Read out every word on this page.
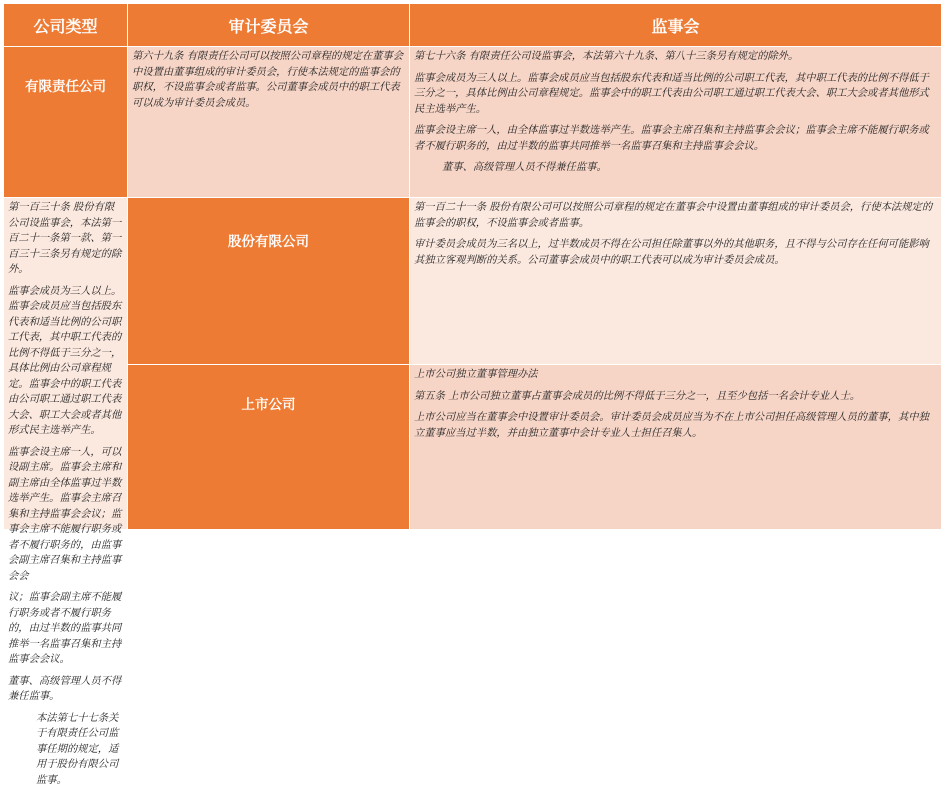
公司类型	审计委员会	监事会
有限责任公司

第六十九条 有限责任公司可以按照公司章程的规定在董事会中设置由董事组成的审计委员会，行使本法规定的监事会的职权，不设监事会或者监事。公司董事会成员中的职工代表可以成为审计委员会成员。

第七十六条 有限责任公司设监事会，本法第六十九条、第八十三条另有规定的除外。

监事会成员为三人以上。监事会成员应当包括股东代表和适当比例的公司职工代表，其中职工代表的比例不得低于三分之一，具体比例由公司章程规定。监事会中的职工代表由公司职工通过职工代表大会、职工大会或者其他形式民主选举产生。

监事会设主席一人，由全体监事过半数选举产生。监事会主席召集和主持监事会会议；监事会主席不能履行职务或者不履行职务的，由过半数的监事共同推举一名监事召集和主持监事会会议。

董事、高级管理人员不得兼任监事。

股份有限公司

第一百二十一条 股份有限公司可以按照公司章程的规定在董事会中设置由董事组成的审计委员会，行使本法规定的监事会的职权，不设监事会或者监事。

审计委员会成员为三名以上，过半数成员不得在公司担任除董事以外的其他职务，且不得与公司存在任何可能影响其独立客观判断的关系。公司董事会成员中的职工代表可以成为审计委员会成员。

第一百三十条 股份有限公司设监事会，本法第一百二十一条第一款、第一百三十三条另有规定的除外。

监事会成员为三人以上。监事会成员应当包括股东代表和适当比例的公司职工代表，其中职工代表的比例不得低于三分之一，具体比例由公司章程规定。监事会中的职工代表由公司职工通过职工代表大会、职工大会或者其他形式民主选举产生。

监事会设主席一人，可以设副主席。监事会主席和副主席由全体监事过半数选举产生。监事会主席召集和主持监事会会议；监事会主席不能履行职务或者不履行职务的，由监事会副主席召集和主持监事会会

议；监事会副主席不能履行职务或者不履行职务的，由过半数的监事共同推举一名监事召集和主持监事会会议。

董事、高级管理人员不得兼任监事。

本法第七十七条关于有限责任公司监事任期的规定，适用于股份有限公司监事。

上市公司

上市公司独立董事管理办法

第五条 上市公司独立董事占董事会成员的比例不得低于三分之一，且至少包括一名会计专业人士。

上市公司应当在董事会中设置审计委员会。审计委员会成员应当为不在上市公司担任高级管理人员的董事，其中独立董事应当过半数，并由独立董事中会计专业人士担任召集人。
